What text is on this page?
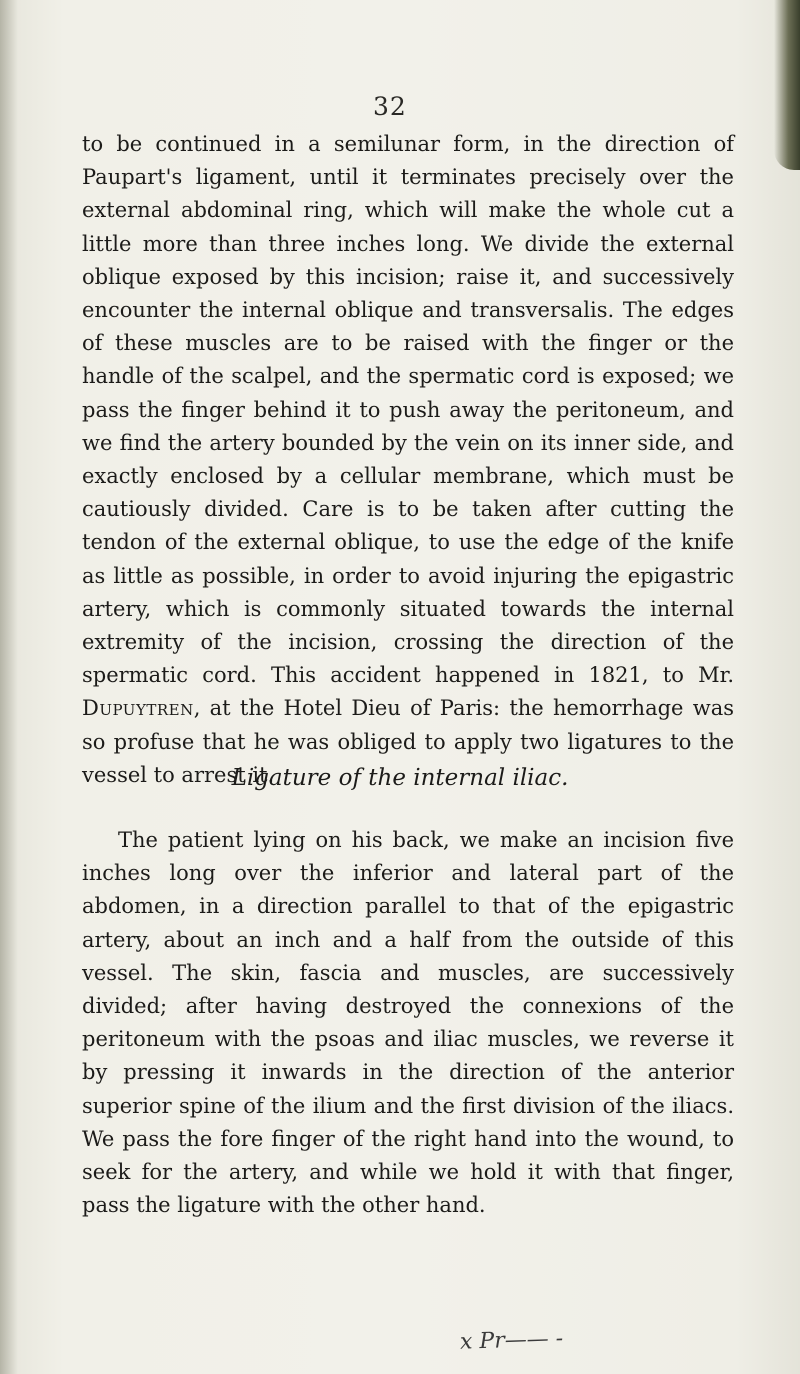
32

to be continued in a semilunar form, in the direction of Paupart's ligament, until it terminates precisely over the external abdominal ring, which will make the whole cut a little more than three inches long. We divide the external oblique exposed by this incision; raise it, and successively encounter the internal oblique and transversalis. The edges of these muscles are to be raised with the finger or the handle of the scalpel, and the spermatic cord is exposed; we pass the finger behind it to push away the peritoneum, and we find the artery bounded by the vein on its inner side, and exactly enclosed by a cellular membrane, which must be cautiously divided. Care is to be taken after cutting the tendon of the external oblique, to use the edge of the knife as little as possible, in order to avoid injuring the epigastric artery, which is commonly situated towards the internal extremity of the incision, crossing the direction of the spermatic cord. This accident happened in 1821, to Mr. Dupuytren, at the Hotel Dieu of Paris: the hemorrhage was so profuse that he was obliged to apply two ligatures to the vessel to arrest it.

Ligature of the internal iliac.

The patient lying on his back, we make an incision five inches long over the inferior and lateral part of the abdomen, in a direction parallel to that of the epigastric artery, about an inch and a half from the outside of this vessel. The skin, fascia and muscles, are successively divided; after having destroyed the connexions of the peritoneum with the psoas and iliac muscles, we reverse it by pressing it inwards in the direction of the anterior superior spine of the ilium and the first division of the iliacs. We pass the fore finger of the right hand into the wound, to seek for the artery, and while we hold it with that finger, pass the ligature with the other hand.

x Pr—— -
